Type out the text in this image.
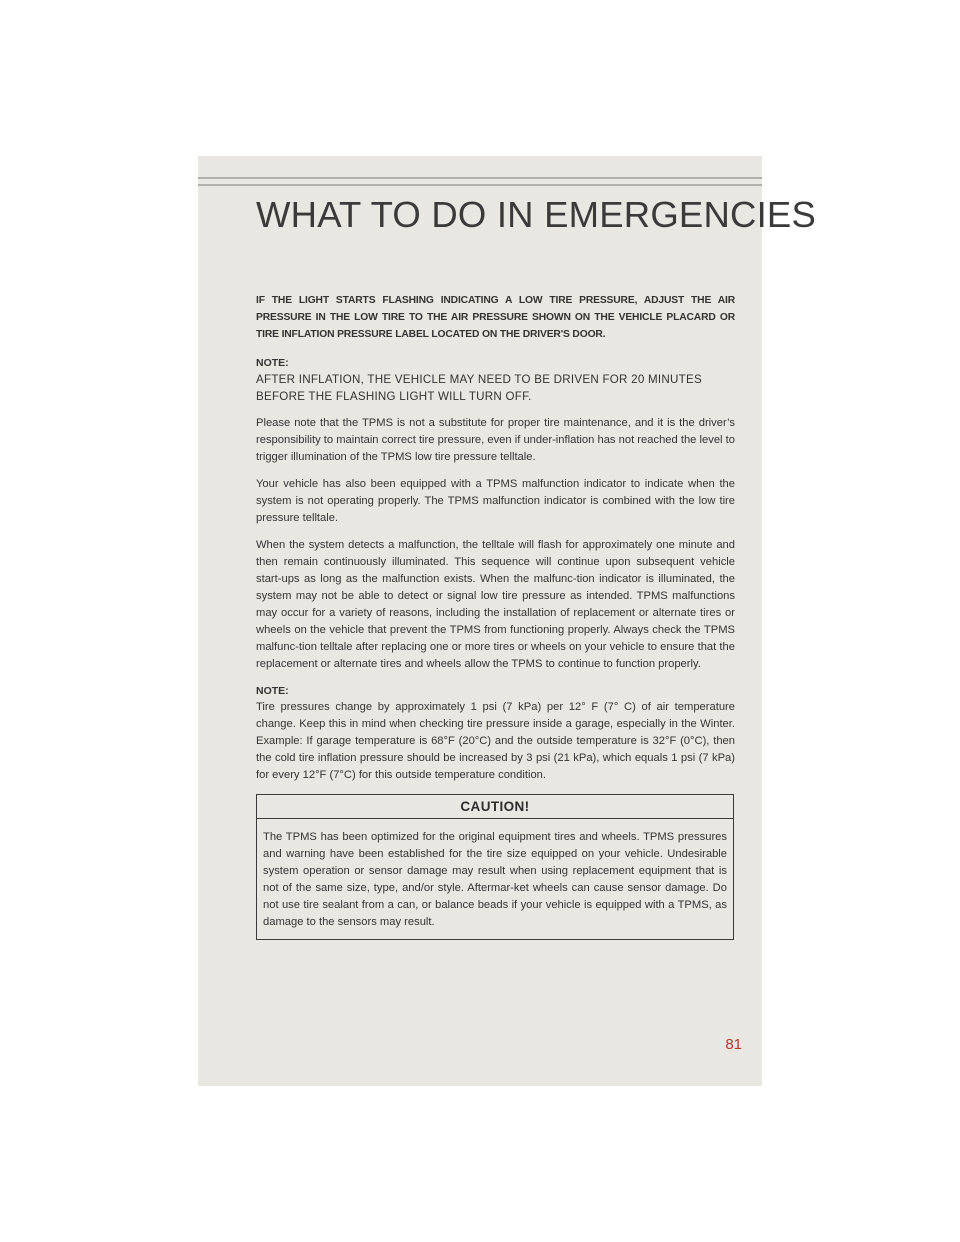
WHAT TO DO IN EMERGENCIES

IF THE LIGHT STARTS FLASHING INDICATING A LOW TIRE PRESSURE, ADJUST THE AIR PRESSURE IN THE LOW TIRE TO THE AIR PRESSURE SHOWN ON THE VEHICLE PLACARD OR TIRE INFLATION PRESSURE LABEL LOCATED ON THE DRIVER'S DOOR.

NOTE:

AFTER INFLATION, THE VEHICLE MAY NEED TO BE DRIVEN FOR 20 MINUTES BEFORE THE FLASHING LIGHT WILL TURN OFF.

Please note that the TPMS is not a substitute for proper tire maintenance, and it is the driver’s responsibility to maintain correct tire pressure, even if under-inflation has not reached the level to trigger illumination of the TPMS low tire pressure telltale.

Your vehicle has also been equipped with a TPMS malfunction indicator to indicate when the system is not operating properly. The TPMS malfunction indicator is combined with the low tire pressure telltale.

When the system detects a malfunction, the telltale will flash for approximately one minute and then remain continuously illuminated. This sequence will continue upon subsequent vehicle start-ups as long as the malfunction exists. When the malfunc-tion indicator is illuminated, the system may not be able to detect or signal low tire pressure as intended. TPMS malfunctions may occur for a variety of reasons, including the installation of replacement or alternate tires or wheels on the vehicle that prevent the TPMS from functioning properly. Always check the TPMS malfunc-tion telltale after replacing one or more tires or wheels on your vehicle to ensure that the replacement or alternate tires and wheels allow the TPMS to continue to function properly.

NOTE:

Tire pressures change by approximately 1 psi (7 kPa) per 12° F (7° C) of air temperature change. Keep this in mind when checking tire pressure inside a garage, especially in the Winter. Example: If garage temperature is 68°F (20°C) and the outside temperature is 32°F (0°C), then the cold tire inflation pressure should be increased by 3 psi (21 kPa), which equals 1 psi (7 kPa) for every 12°F (7°C) for this outside temperature condition.

CAUTION!

The TPMS has been optimized for the original equipment tires and wheels. TPMS pressures and warning have been established for the tire size equipped on your vehicle. Undesirable system operation or sensor damage may result when using replacement equipment that is not of the same size, type, and/or style. Aftermar-ket wheels can cause sensor damage. Do not use tire sealant from a can, or balance beads if your vehicle is equipped with a TPMS, as damage to the sensors may result.

81
